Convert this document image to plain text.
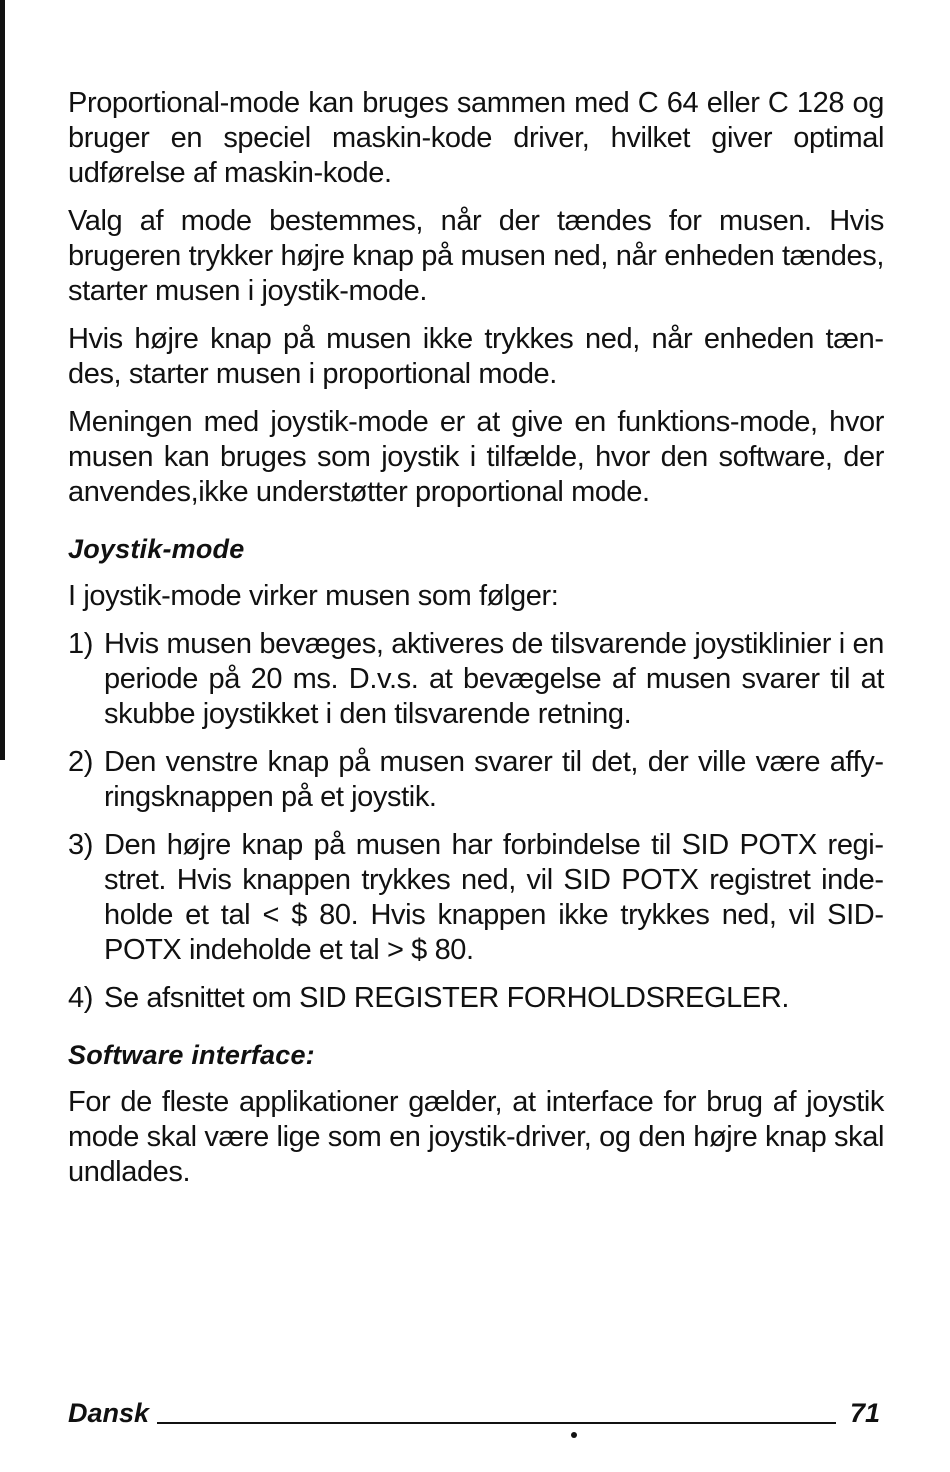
Proportional-mode kan bruges sammen med C 64 eller C 128 og bruger en speciel maskin-kode driver, hvilket giver optimal udførelse af maskin-kode.

Valg af mode bestemmes, når der tændes for musen. Hvis brugeren trykker højre knap på musen ned, når enheden tændes, starter musen i joystik-mode.

Hvis højre knap på musen ikke trykkes ned, når enheden tændes, starter musen i proportional mode.

Meningen med joystik-mode er at give en funktions-mode, hvor musen kan bruges som joystik i tilfælde, hvor den software, der anvendes,ikke understøtter proportional mode.

Joystik-mode

I joystik-mode virker musen som følger:

1) Hvis musen bevæges, aktiveres de tilsvarende joystiklinier i en periode på 20 ms. D.v.s. at bevægelse af musen svarer til at skubbe joystikket i den tilsvarende retning.
2) Den venstre knap på musen svarer til det, der ville være affyringsknappen på et joystik.
3) Den højre knap på musen har forbindelse til SID POTX registret. Hvis knappen trykkes ned, vil SID POTX registret indeholde et tal < $ 80. Hvis knappen ikke trykkes ned, vil SIDPOTX indeholde et tal > $ 80.
4) Se afsnittet om SID REGISTER FORHOLDSREGLER.
Software interface:

For de fleste applikationer gælder, at interface for brug af joystik mode skal være lige som en joystik-driver, og den højre knap skal undlades.

Dansk	71
